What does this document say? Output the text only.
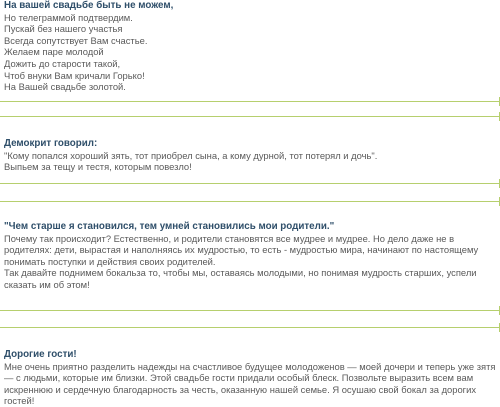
На вашей свадьбе быть не можем,
Но телеграммой подтвердим.
Пускай без нашего участья
Всегда сопутствует Вам счастье.
Желаем паре молодой
Дожить до старости такой,
Чтоб внуки Вам кричали Горько!
На Вашей свадьбе золотой.
Демокрит говорил:
"Кому попался хороший зять, тот приобрел сына, а кому дурной, тот потерял и дочь".
Выпьем за тещу и тестя, которым повезло!
"Чем старше я становился, тем умней становились мои родители."

Почему так происходит? Естественно, и родители становятся все мудрее и мудрее. Но дело даже не в родителях: дети, вырастая и наполняясь их мудростью, то есть - мудростью мира, начинают по настоящему понимать поступки и действия своих родителей.

Так давайте поднимем бокальза то, чтобы мы, оставаясь молодыми, но понимая мудрость старших, успели сказать им об этом!

Дорогие гости!

Мне очень приятно разделить надежды на счастливое будущее молодоженов — моей дочери и теперь уже зятя — с людьми, которые им близки. Этой свадьбе гости придали особый блеск. Позвольте выразить всем вам искреннюю и сердечную благодарность за честь, оказанную нашей семье. Я осушаю свой бокал за дорогих гостей!
